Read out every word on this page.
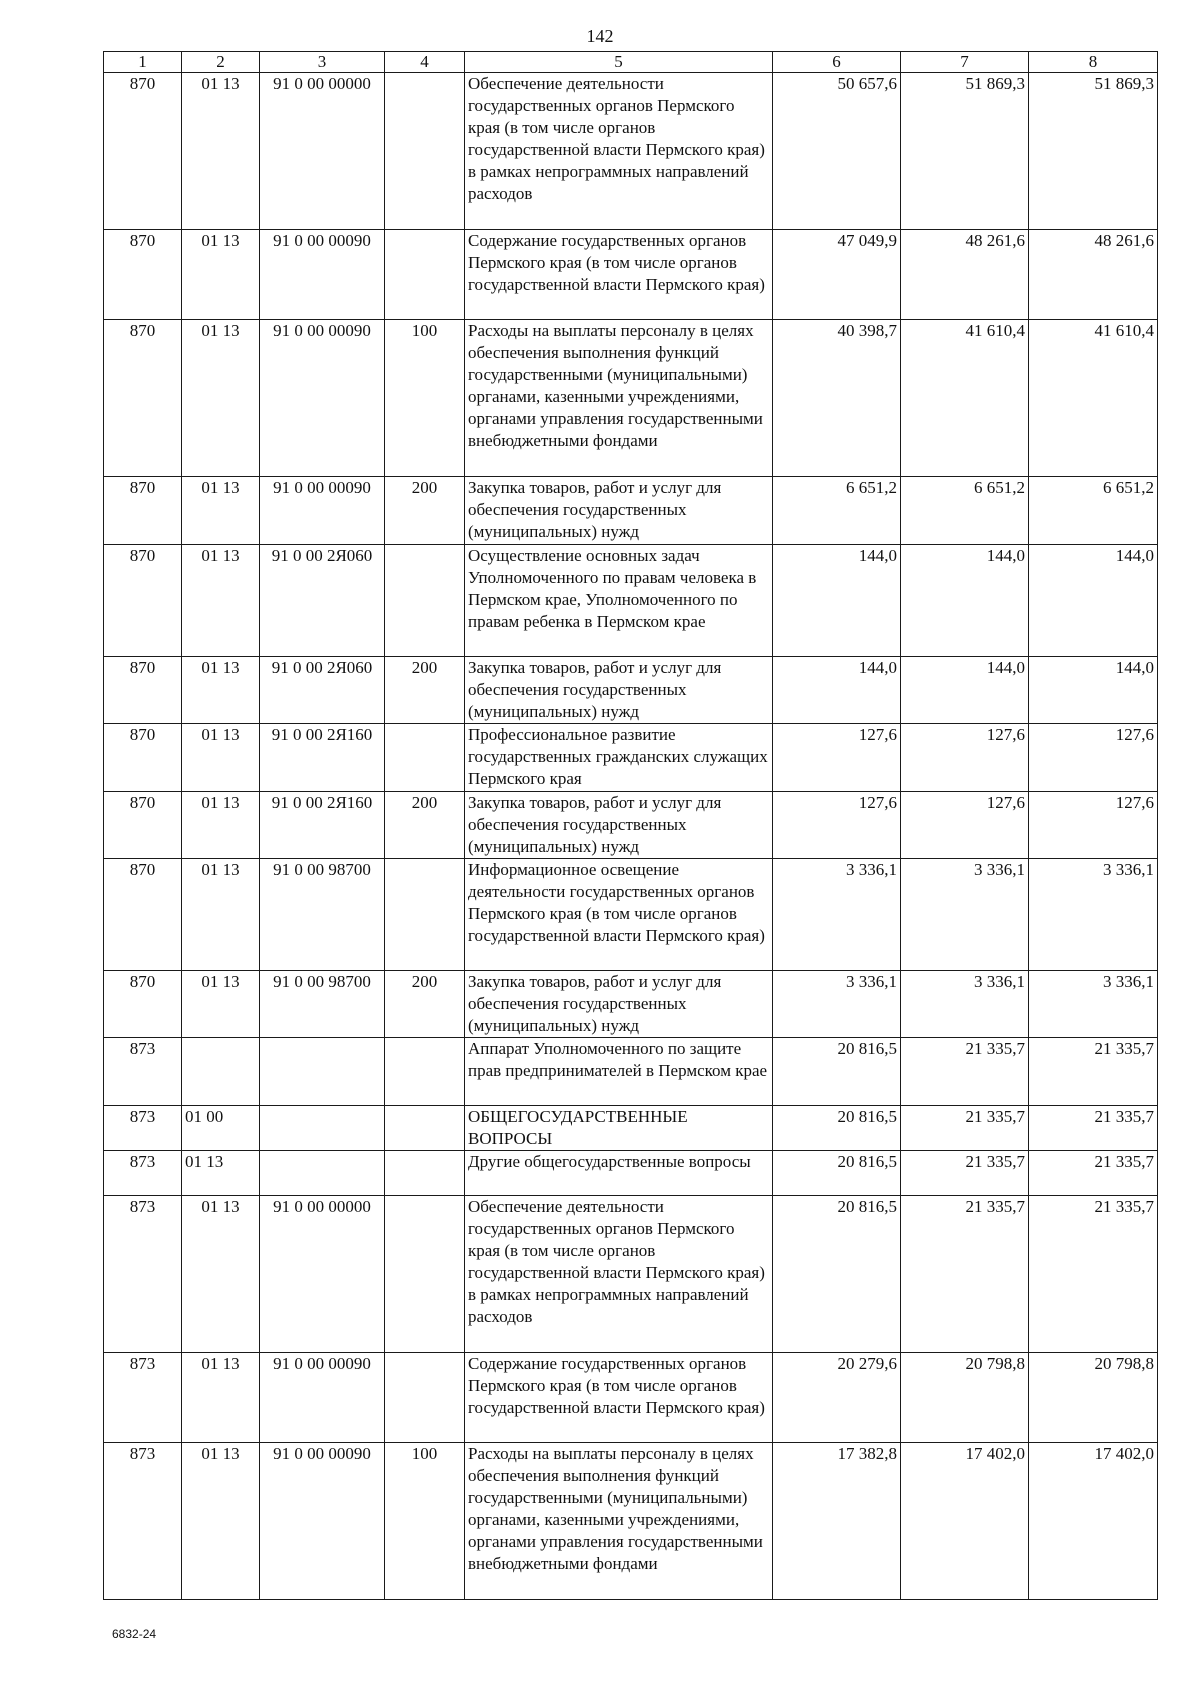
142
1	2	3	4	5	6	7	8
870	01 13	91 0 00 00000		Обеспечение деятельности государственных органов Пермского края (в том числе органов государственной власти Пермского края) в рамках непрограммных направлений расходов	50 657,6	51 869,3	51 869,3
870	01 13	91 0 00 00090		Содержание государственных органов Пермского края (в том числе органов государственной власти Пермского края)	47 049,9	48 261,6	48 261,6
870	01 13	91 0 00 00090	100	Расходы на выплаты персоналу в целях обеспечения выполнения функций государственными (муниципальными) органами, казенными учреждениями, органами управления государственными внебюджетными фондами	40 398,7	41 610,4	41 610,4
870	01 13	91 0 00 00090	200	Закупка товаров, работ и услуг для обеспечения государственных (муниципальных) нужд	6 651,2	6 651,2	6 651,2
870	01 13	91 0 00 2Я060		Осуществление основных задач Уполномоченного по правам человека в Пермском крае, Уполномоченного по правам ребенка в Пермском крае	144,0	144,0	144,0
870	01 13	91 0 00 2Я060	200	Закупка товаров, работ и услуг для обеспечения государственных (муниципальных) нужд	144,0	144,0	144,0
870	01 13	91 0 00 2Я160		Профессиональное развитие государственных гражданских служащих Пермского края	127,6	127,6	127,6
870	01 13	91 0 00 2Я160	200	Закупка товаров, работ и услуг для обеспечения государственных (муниципальных) нужд	127,6	127,6	127,6
870	01 13	91 0 00 98700		Информационное освещение деятельности государственных органов Пермского края (в том числе органов государственной власти Пермского края)	3 336,1	3 336,1	3 336,1
870	01 13	91 0 00 98700	200	Закупка товаров, работ и услуг для обеспечения государственных (муниципальных) нужд	3 336,1	3 336,1	3 336,1
873				Аппарат Уполномоченного по защите прав предпринимателей в Пермском крае	20 816,5	21 335,7	21 335,7
873	01 00			ОБЩЕГОСУДАРСТВЕННЫЕ ВОПРОСЫ	20 816,5	21 335,7	21 335,7
873	01 13			Другие общегосударственные вопросы	20 816,5	21 335,7	21 335,7
873	01 13	91 0 00 00000		Обеспечение деятельности государственных органов Пермского края (в том числе органов государственной власти Пермского края) в рамках непрограммных направлений расходов	20 816,5	21 335,7	21 335,7
873	01 13	91 0 00 00090		Содержание государственных органов Пермского края (в том числе органов государственной власти Пермского края)	20 279,6	20 798,8	20 798,8
873	01 13	91 0 00 00090	100	Расходы на выплаты персоналу в целях обеспечения выполнения функций государственными (муниципальными) органами, казенными учреждениями, органами управления государственными внебюджетными фондами	17 382,8	17 402,0	17 402,0
6832-24
